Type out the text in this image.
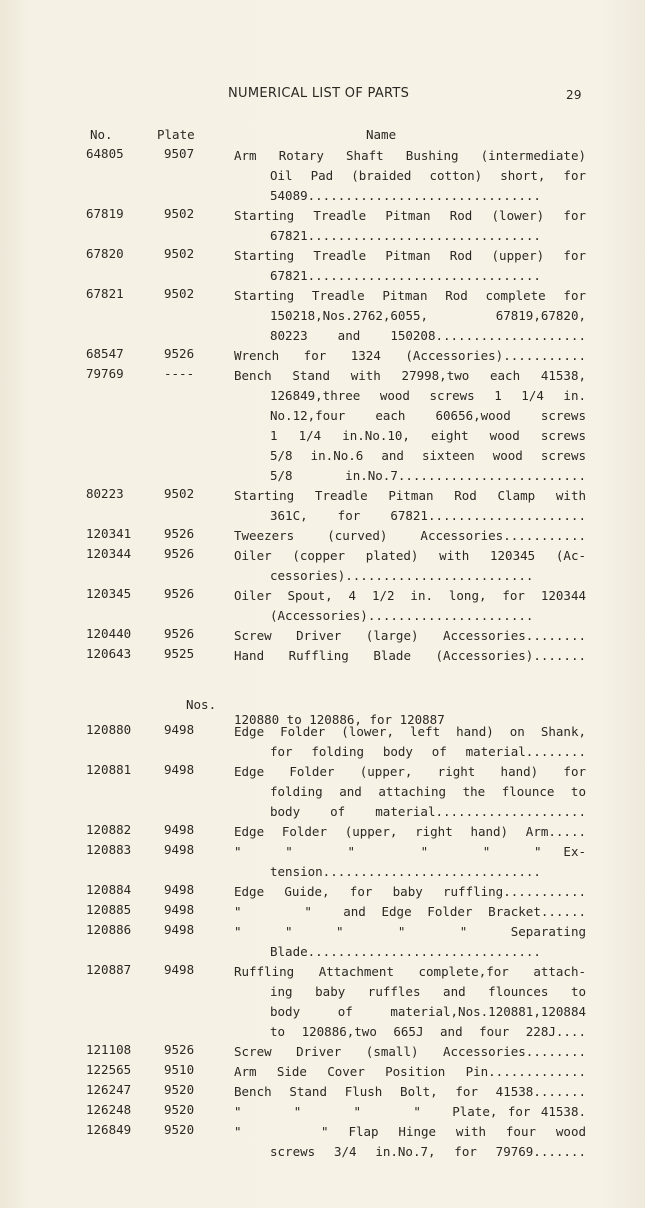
NUMERICAL LIST OF PARTS	29
No.	Plate	Name
64805	9507	Arm Rotary Shaft Bushing (intermediate)
Oil Pad (braided cotton) short, for
54089...............................
67819	9502	Starting Treadle Pitman Rod (lower) for
67821...............................
67820	9502	Starting Treadle Pitman Rod (upper) for
67821...............................
67821	9502	Starting Treadle Pitman Rod complete for
150218,Nos.2762,6055, 67819,67820,
80223 and 150208....................
68547	9526	Wrench for 1324 (Accessories)...........
79769	----	Bench Stand with 27998,two each 41538,
126849,three wood screws 1 1/4 in.
No.12,four each 60656,wood screws
1 1/4 in.No.10, eight wood screws
5/8 in.No.6 and sixteen wood screws
5/8 in.No.7.........................
80223	9502	Starting Treadle Pitman Rod Clamp with
361C, for 67821.....................
120341	9526	Tweezers (curved) Accessories...........
120344	9526	Oiler (copper plated) with 120345 (Ac-
cessories).........................
120345	9526	Oiler Spout, 4 1/2 in. long, for 120344
(Accessories)......................
120440	9526	Screw Driver (large) Accessories........
120643	9525	Hand Ruffling Blade (Accessories).......

Nos.

120880 to 120886, for 120887

120880	9498	Edge Folder (lower, left hand) on Shank,
for folding body of material........
120881	9498	Edge Folder (upper, right hand) for
folding and attaching the flounce to
body of material....................
120882	9498	Edge Folder (upper, right hand) Arm.....
120883	9498	"    "     "      "     "    "  Ex-
tension.............................
120884	9498	Edge Guide, for baby ruffling...........
120885	9498	"    "  and Edge Folder Bracket......
120886	9498	"    "    "     "     "    Separating
Blade...............................
120887	9498	Ruffling Attachment complete,for attach-
ing baby ruffles and flounces to
body of material,Nos.120881,120884
to 120886,two 665J and four 228J....
121108	9526	Screw Driver (small) Accessories........
122565	9510	Arm Side Cover Position Pin.............
126247	9520	Bench Stand Flush Bolt, for 41538.......
126248	9520	"     "     "     "   Plate, for 41538.
126849	9520	"    " Flap Hinge with four wood
screws 3/4 in.No.7, for 79769.......
